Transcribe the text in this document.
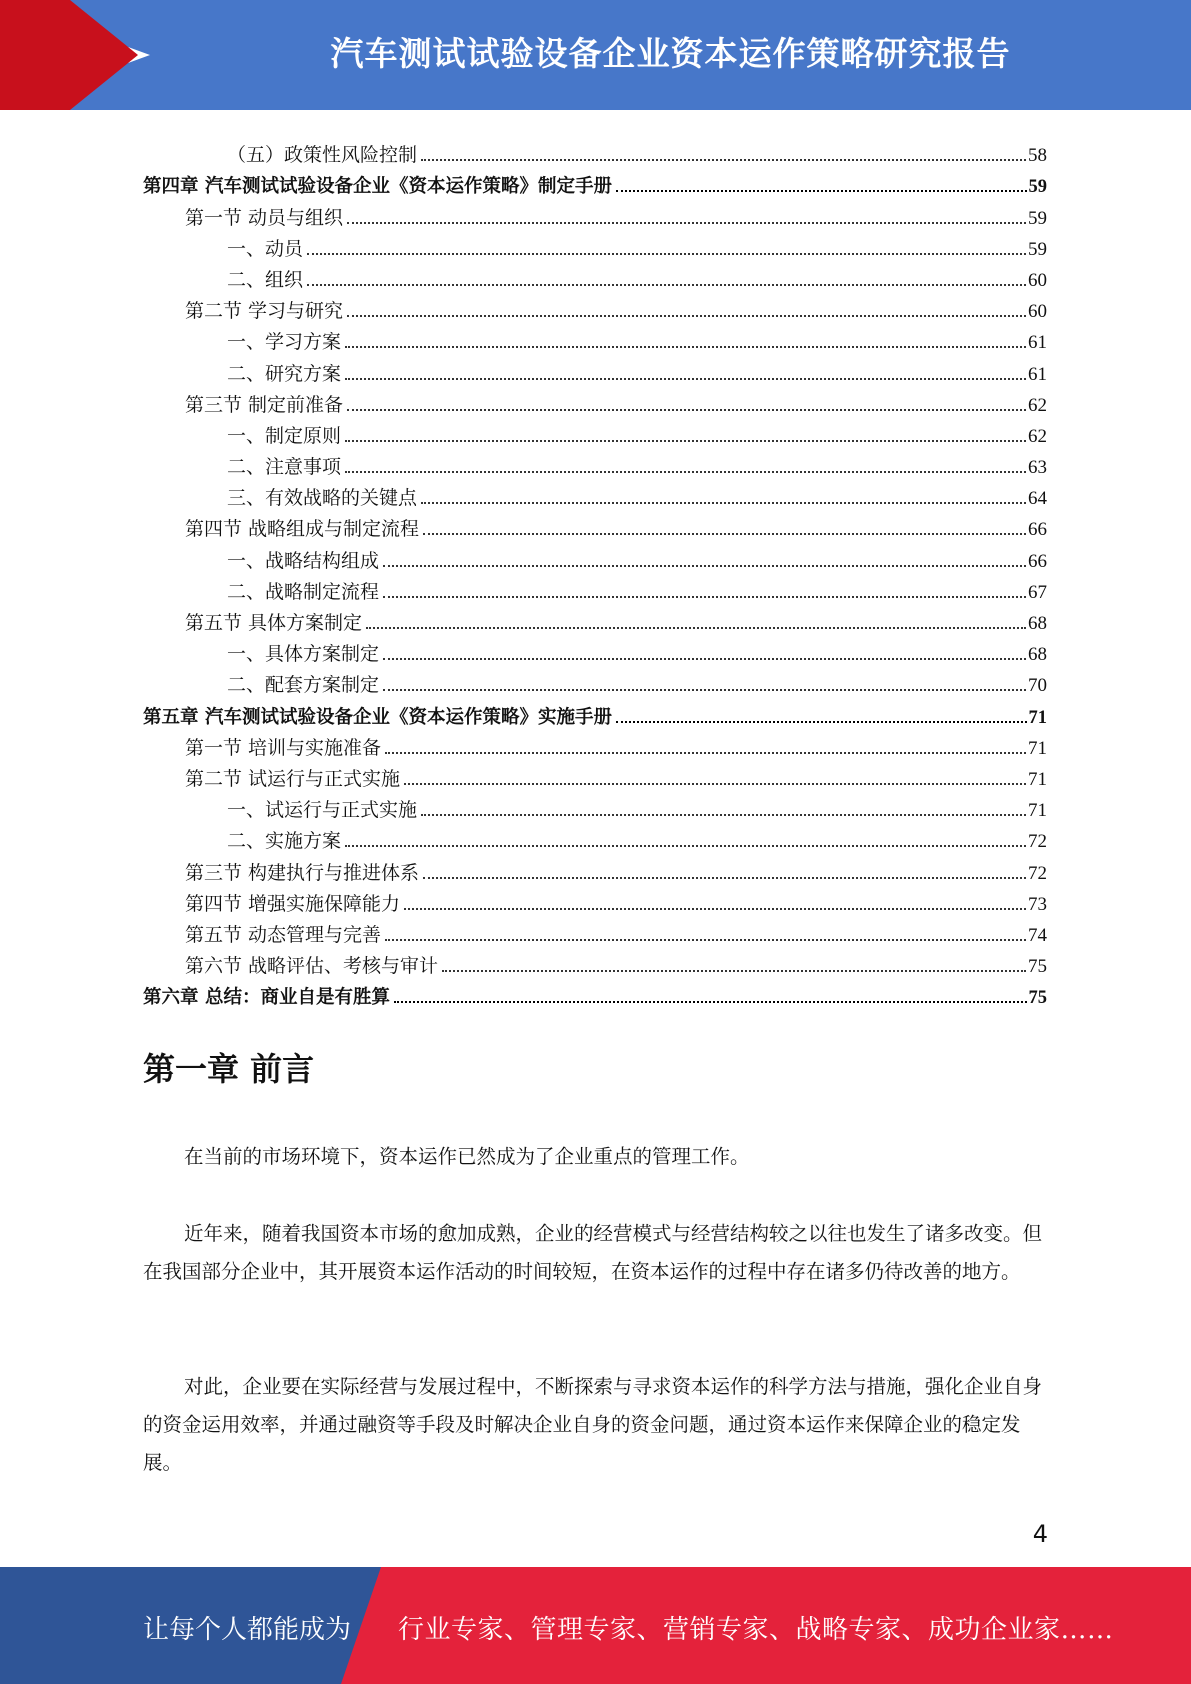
汽车测试试验设备企业资本运作策略研究报告
（五）政策性风险控制	58
第四章 汽车测试试验设备企业《资本运作策略》制定手册	59
第一节 动员与组织	59
一、动员	59
二、组织	60
第二节 学习与研究	60
一、学习方案	61
二、研究方案	61
第三节 制定前准备	62
一、制定原则	62
二、注意事项	63
三、有效战略的关键点	64
第四节 战略组成与制定流程	66
一、战略结构组成	66
二、战略制定流程	67
第五节 具体方案制定	68
一、具体方案制定	68
二、配套方案制定	70
第五章 汽车测试试验设备企业《资本运作策略》实施手册	71
第一节 培训与实施准备	71
第二节 试运行与正式实施	71
一、试运行与正式实施	71
二、实施方案	72
第三节 构建执行与推进体系	72
第四节 增强实施保障能力	73
第五节 动态管理与完善	74
第六节 战略评估、考核与审计	75
第六章 总结：商业自是有胜算	75
第一章 前言

在当前的市场环境下，资本运作已然成为了企业重点的管理工作。

近年来，随着我国资本市场的愈加成熟，企业的经营模式与经营结构较之以往也发生了诸多改变。但在我国部分企业中，其开展资本运作活动的时间较短，在资本运作的过程中存在诸多仍待改善的地方。

对此，企业要在实际经营与发展过程中，不断探索与寻求资本运作的科学方法与措施，强化企业自身的资金运用效率，并通过融资等手段及时解决企业自身的资金问题，通过资本运作来保障企业的稳定发展。

4
让每个人都能成为 行业专家、管理专家、营销专家、战略专家、成功企业家……
